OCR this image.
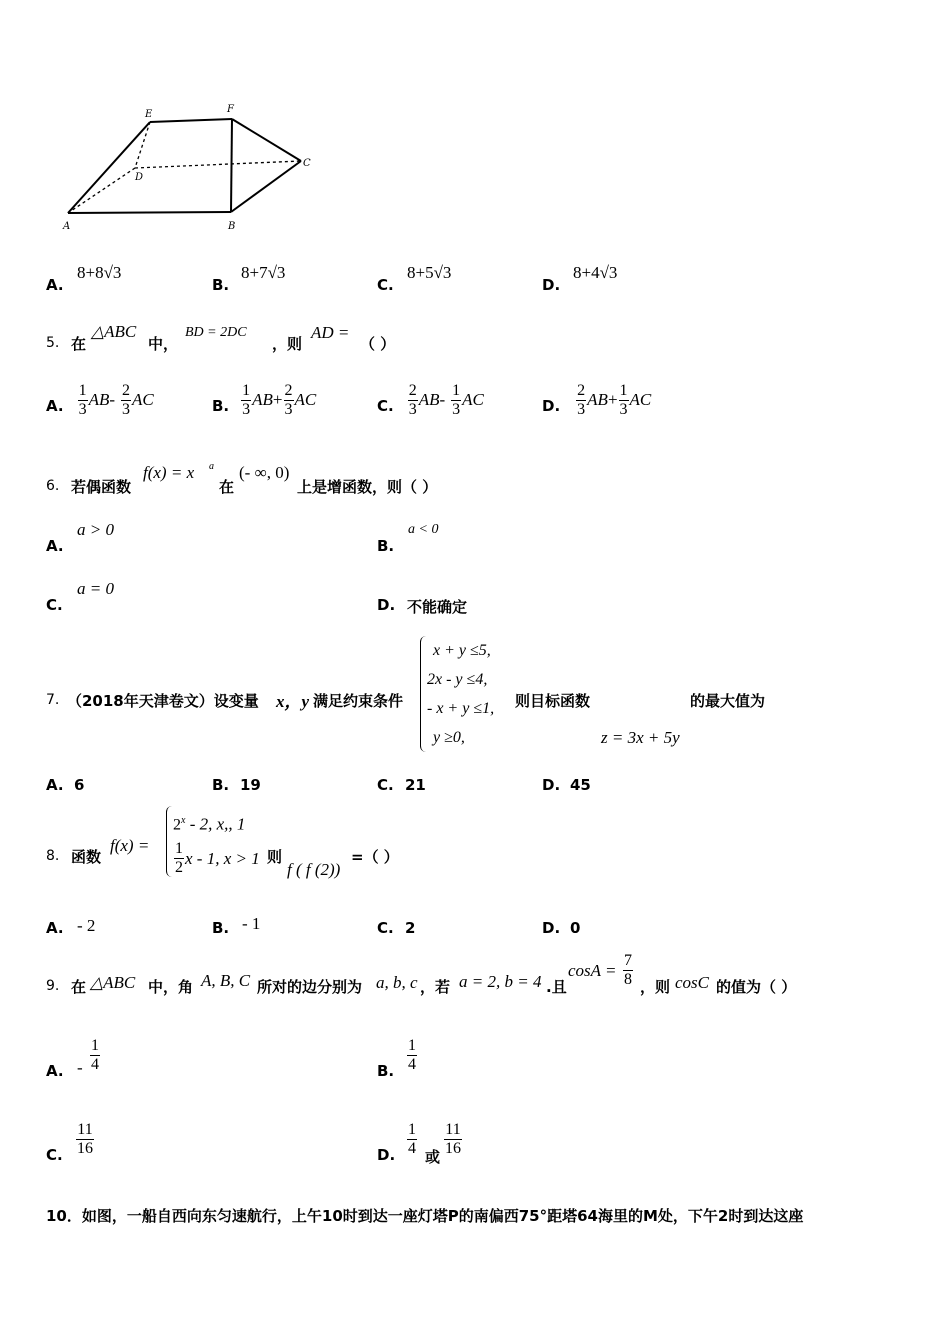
E	F
C
D
A	B
A.
8+8√3
B.
8+7√3
C.
8+5√3
D.
8+4√3
5. 在
△ABC
中，
BD = 2DC
，则
AD =
（ ）
A. $\frac{1}{3}$ AB - $\frac{2}{3}$ AC	B. $\frac{1}{3}$ AB + $\frac{2}{3}$ AC	C. $\frac{2}{3}$ AB - $\frac{1}{3}$ AC	D. $\frac{2}{3}$ AB + $\frac{1}{3}$ AC
6. 若偶函数
f(x) = x a
在
(- ∞, 0)
上是增函数，则（ ）
A.
a > 0
B.
a < 0
C.
a = 0
D. 不能确定
7. （2018年天津卷文）设变量 x，y 满足约束条件
x + y ≤5,
2x - y ≤4,
- x + y ≤1,
y ≥0,
则目标函数	的最大值为
z = 3x + 5y
A. 6	B. 19	C. 21	D. 45
8. 函数
f(x) =
$2^x - 2$, x,, 1
$\frac{1}{2}$ x - 1, x > 1 则
f ( f (2))
=（ ）
A. - 2	B. - 1	C. 2	D. 0
9. 在 △ABC 中，角 A, B, C 所对的边分别为 a, b, c ，若 a = 2, b = 4 .且
$\cos A = \frac{7}{8}$ ，则 cosC 的值为（ ）
A. - $\frac{1}{4}$	B. $\frac{1}{4}$
C. $\frac{11}{16}$	D. $\frac{1}{4}$ 或 $\frac{11}{16}$
10．如图，一船自西向东匀速航行，上午10时到达一座灯塔P的南偏西75°距塔64海里的M处，下午2时到达这座
